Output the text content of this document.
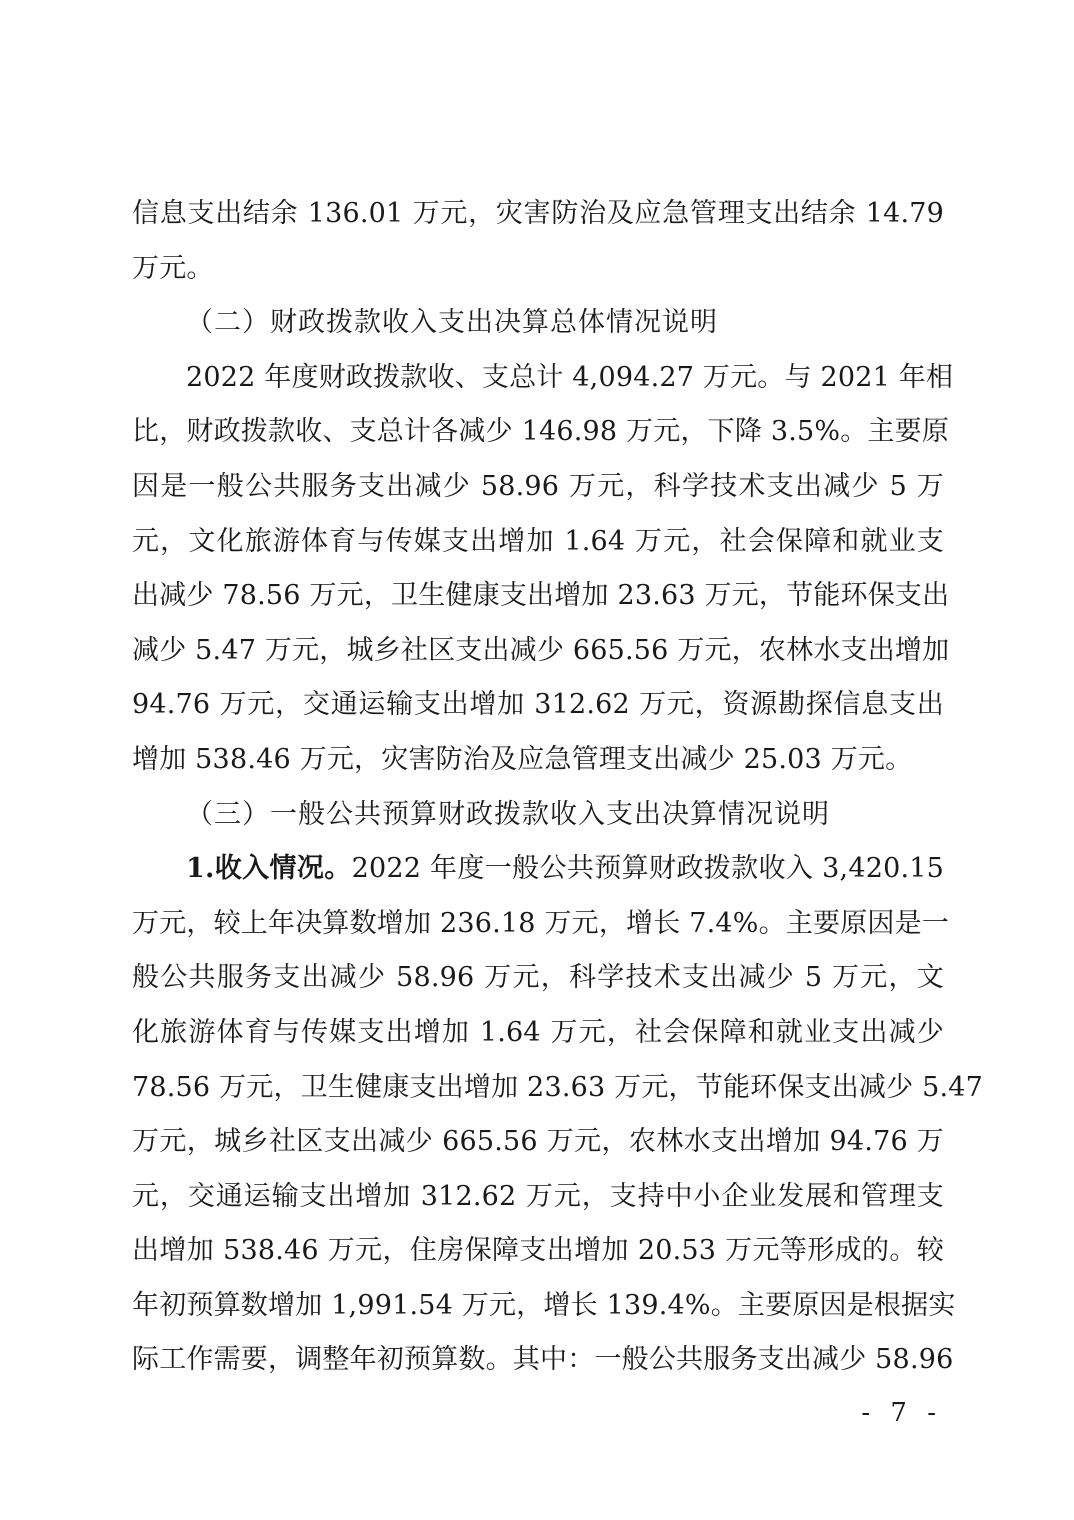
信息支出结余 136.01 万元，灾害防治及应急管理支出结余 14.79
万元。
（二）财政拨款收入支出决算总体情况说明
2022 年度财政拨款收、支总计 4,094.27 万元。与 2021 年相
比，财政拨款收、支总计各减少 146.98 万元，下降 3.5%。主要原
因是一般公共服务支出减少 58.96 万元，科学技术支出减少 5 万
元，文化旅游体育与传媒支出增加 1.64 万元，社会保障和就业支
出减少 78.56 万元，卫生健康支出增加 23.63 万元，节能环保支出
减少 5.47 万元，城乡社区支出减少 665.56 万元，农林水支出增加
94.76 万元，交通运输支出增加 312.62 万元，资源勘探信息支出
增加 538.46 万元，灾害防治及应急管理支出减少 25.03 万元。
（三）一般公共预算财政拨款收入支出决算情况说明
1.收入情况。2022 年度一般公共预算财政拨款收入 3,420.15
万元，较上年决算数增加 236.18 万元，增长 7.4%。主要原因是一
般公共服务支出减少 58.96 万元，科学技术支出减少 5 万元，文
化旅游体育与传媒支出增加 1.64 万元，社会保障和就业支出减少
78.56 万元，卫生健康支出增加 23.63 万元，节能环保支出减少 5.47
万元，城乡社区支出减少 665.56 万元，农林水支出增加 94.76 万
元，交通运输支出增加 312.62 万元，支持中小企业发展和管理支
出增加 538.46 万元，住房保障支出增加 20.53 万元等形成的。较
年初预算数增加 1,991.54 万元，增长 139.4%。主要原因是根据实
际工作需要，调整年初预算数。其中：一般公共服务支出减少 58.96
- 7 -
